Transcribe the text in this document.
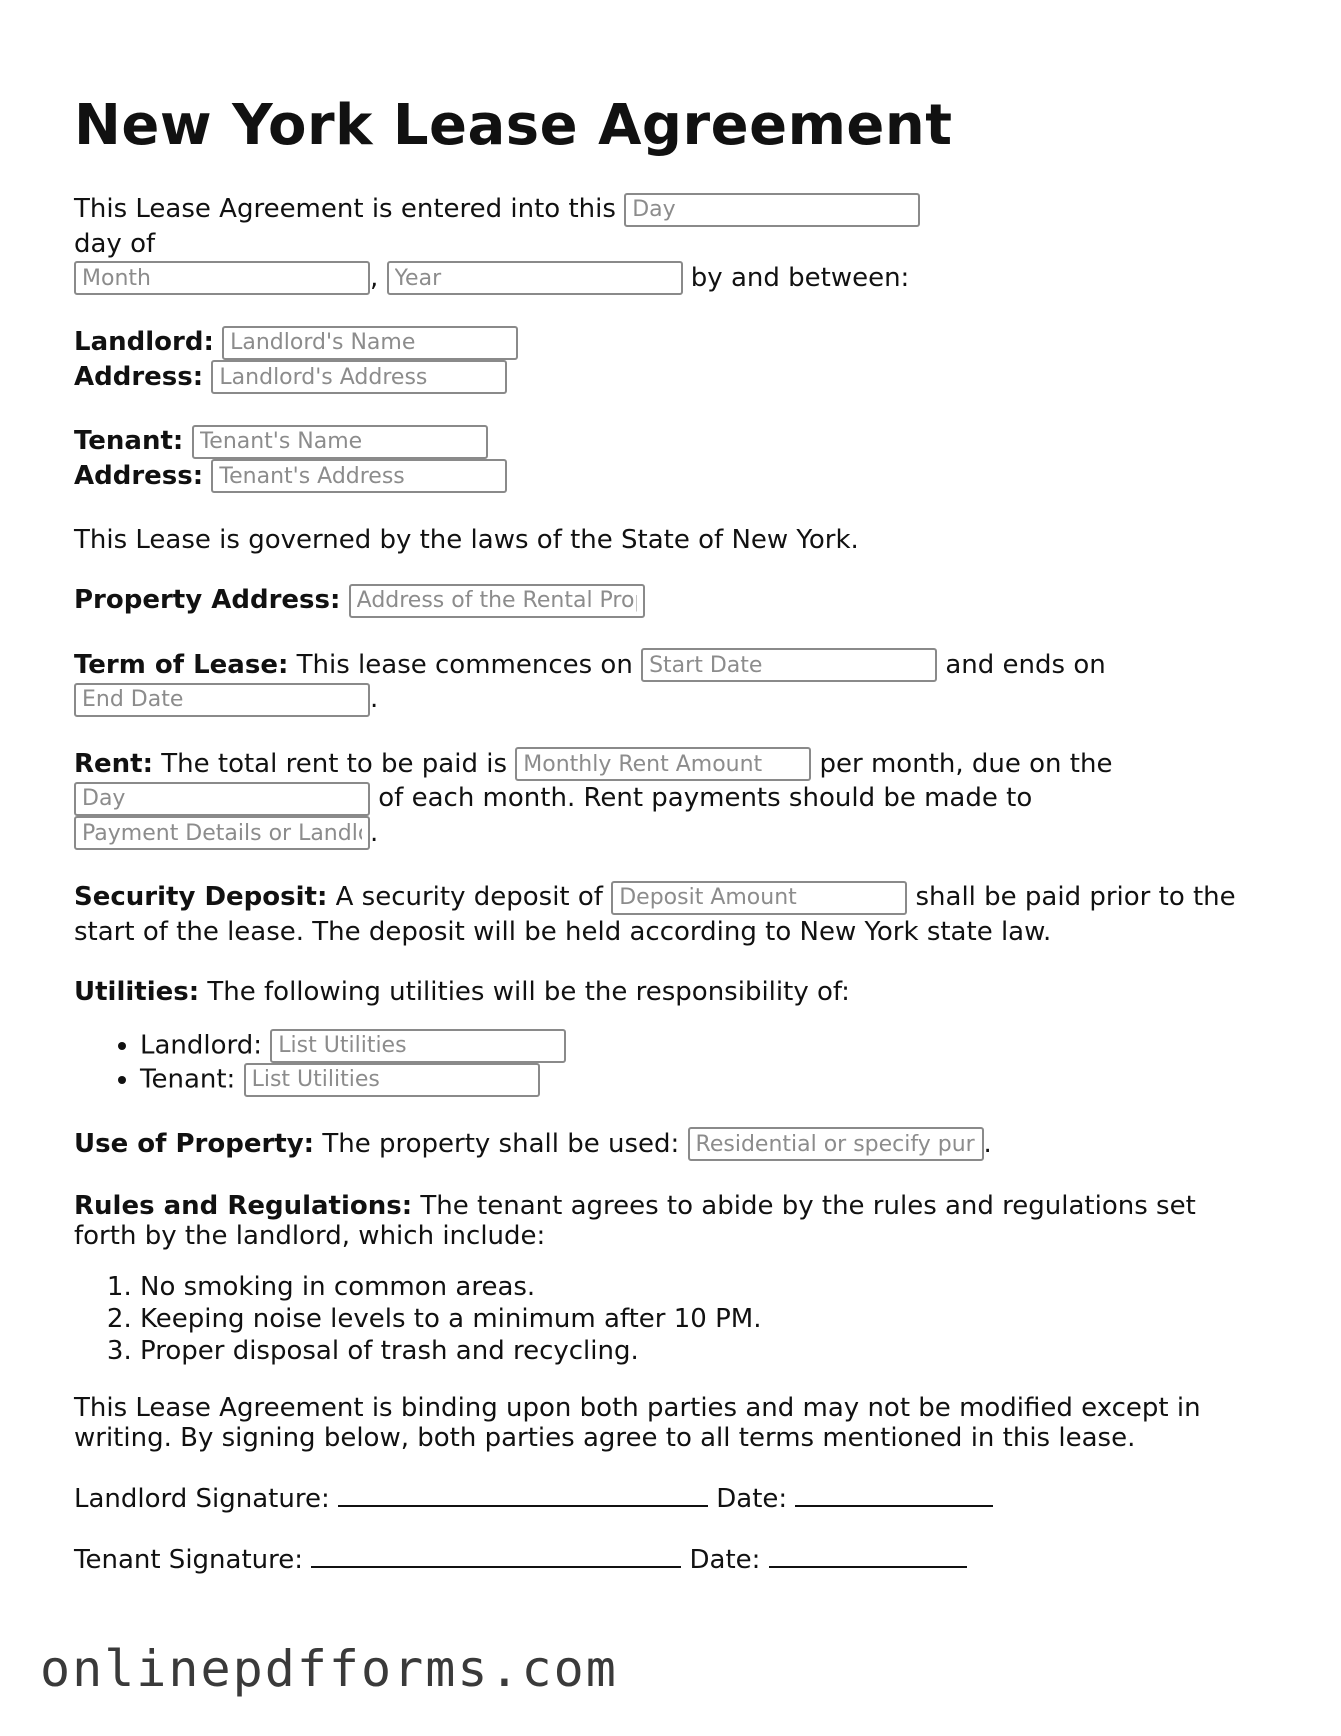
New York Lease Agreement

This Lease Agreement is entered into this Day day of
Month, Year	by and between:

Landlord: Landlord's Name
Address: Landlord's Address

Tenant: Tenant's Name
Address: Tenant's Address

This Lease is governed by the laws of the State of New York.

Property Address: Address of the Rental Property

Term of Lease: This lease commences on Start Date	and ends on
End Date.

Rent: The total rent to be paid is Monthly Rent Amount	per month, due on the
Day of each month. Rent payments should be made to
Payment Details or Landlord.

Security Deposit: A security deposit of Deposit Amount	shall be paid prior to the start of the lease. The deposit will be held according to New York state law.

Utilities: The following utilities will be the responsibility of:

• Landlord: List Utilities
• Tenant: List Utilities

Use of Property: The property shall be used: Residential or specify purpose	.

Rules and Regulations: The tenant agrees to abide by the rules and regulations set forth by the landlord, which include:

1. No smoking in common areas.
2. Keeping noise levels to a minimum after 10 PM.
3. Proper disposal of trash and recycling.

This Lease Agreement is binding upon both parties and may not be modified except in writing. By signing below, both parties agree to all terms mentioned in this lease.

Landlord Signature:	Date:

Tenant Signature:	Date:

onlinepdfforms.com
